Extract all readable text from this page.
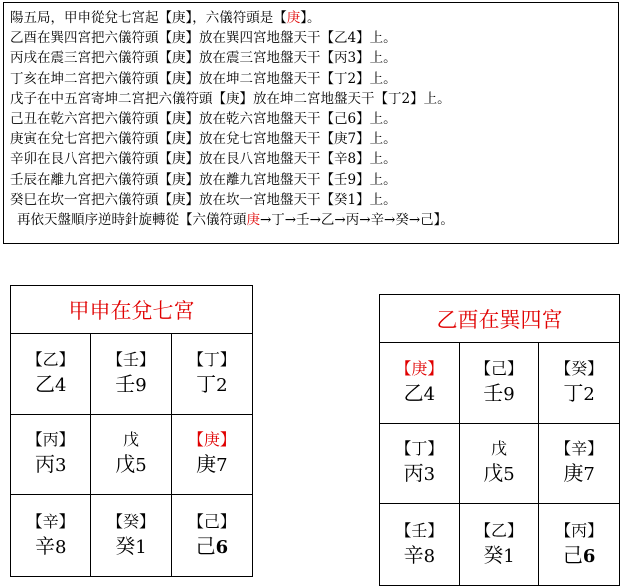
陽五局，甲申從兌七宮起【庚】，六儀符頭是【庚】。
乙酉在巽四宮把六儀符頭【庚】放在巽四宮地盤天干【乙4】上。
丙戌在震三宮把六儀符頭【庚】放在震三宮地盤天干【丙3】上。
丁亥在坤二宮把六儀符頭【庚】放在坤二宮地盤天干【丁2】上。
戊子在中五宮寄坤二宮把六儀符頭【庚】放在坤二宮地盤天干【丁2】上。
己丑在乾六宮把六儀符頭【庚】放在乾六宮地盤天干【己6】上。
庚寅在兌七宮把六儀符頭【庚】放在兌七宮地盤天干【庚7】上。
辛卯在艮八宮把六儀符頭【庚】放在艮八宮地盤天干【辛8】上。
壬辰在離九宮把六儀符頭【庚】放在離九宮地盤天干【壬9】上。
癸巳在坎一宮把六儀符頭【庚】放在坎一宮地盤天干【癸1】上。
再依天盤順序逆時針旋轉從【六儀符頭庚→丁→壬→乙→丙→辛→癸→己】。
甲申在兌七宮
【乙】
乙4
【壬】
壬9
【丁】
丁2
【丙】
丙3
戊
戊5
【庚】
庚7
【辛】
辛8
【癸】
癸1
【己】
己6
乙酉在巽四宮
【庚】
乙4
【己】
壬9
【癸】
丁2
【丁】
丙3
戊
戊5
【辛】
庚7
【壬】
辛8
【乙】
癸1
【丙】
己6
